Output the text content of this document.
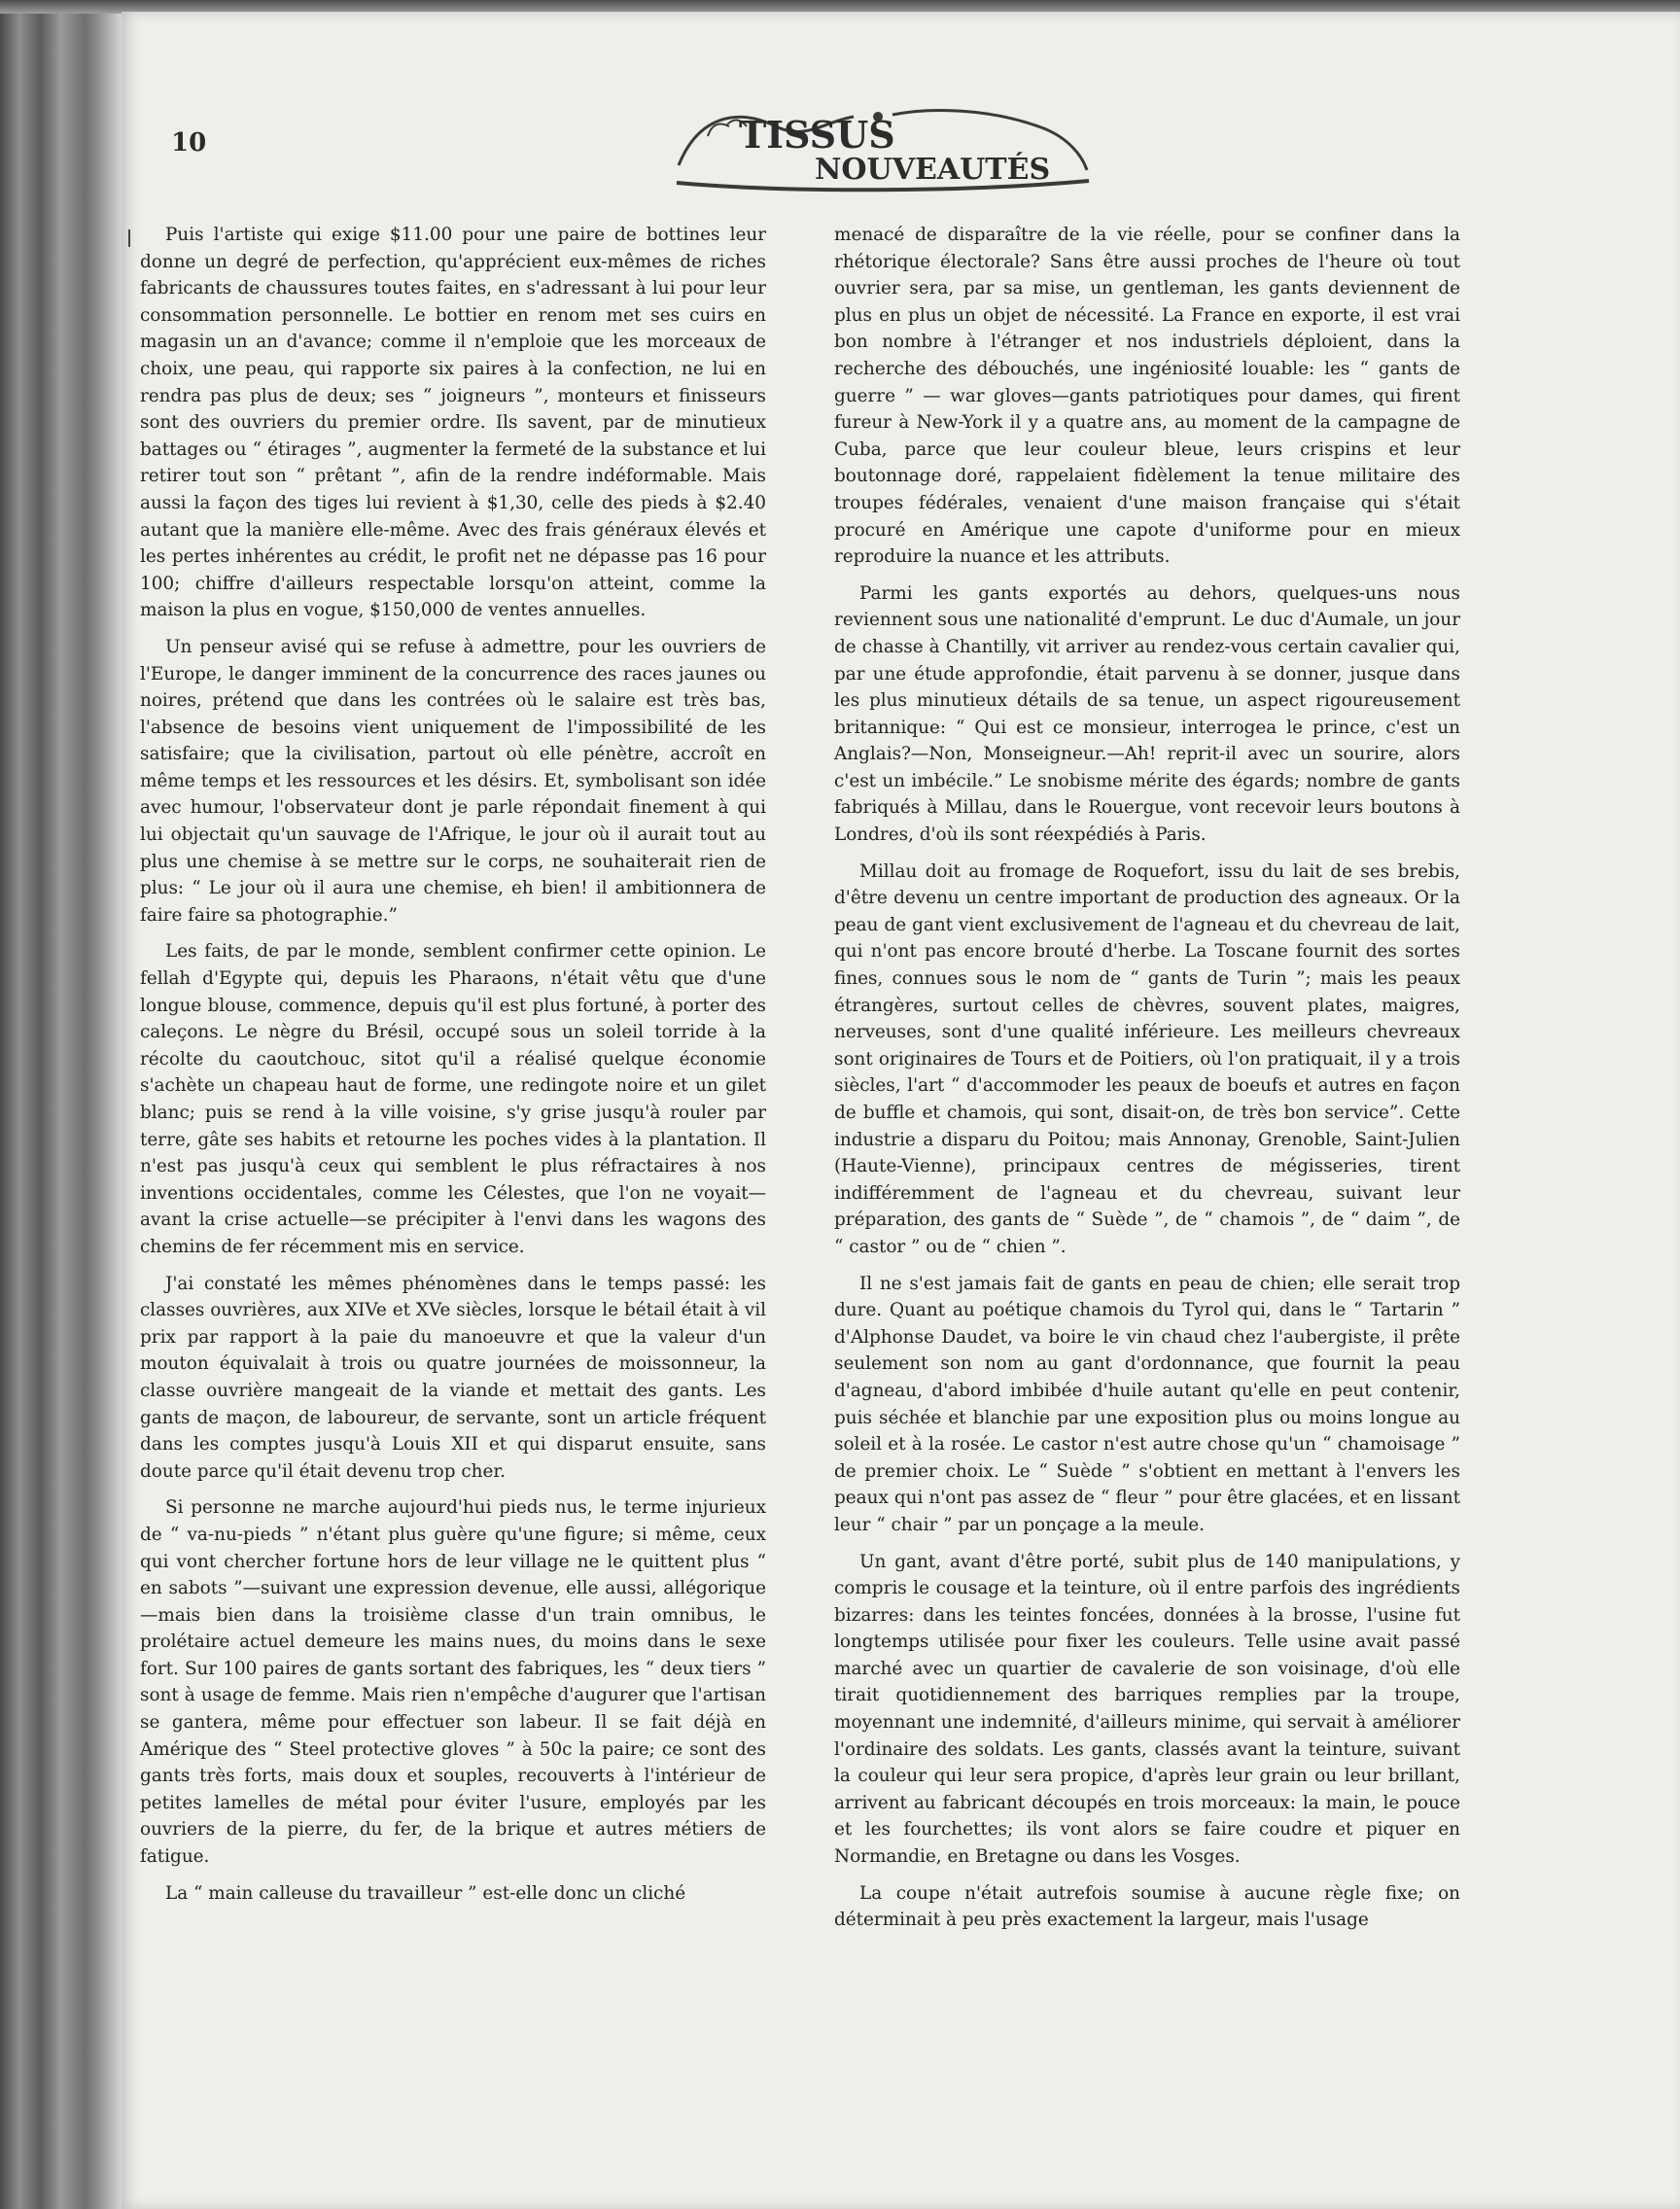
10	TISSUS
NOUVEAUTÉS

Puis l'artiste qui exige $11.00 pour une paire de bottines leur donne un degré de perfection, qu'apprécient eux-mêmes de riches fabricants de chaussures toutes faites, en s'adressant à lui pour leur consommation personnelle. Le bottier en renom met ses cuirs en magasin un an d'avance; comme il n'emploie que les morceaux de choix, une peau, qui rapporte six paires à la confection, ne lui en rendra pas plus de deux; ses “ joigneurs ”, monteurs et finisseurs sont des ouvriers du premier ordre. Ils savent, par de minutieux battages ou “ étirages ”, augmenter la fermeté de la substance et lui retirer tout son “ prêtant ”, afin de la rendre indéformable. Mais aussi la façon des tiges lui revient à $1,30, celle des pieds à $2.40 autant que la manière elle-même. Avec des frais généraux élevés et les pertes inhérentes au crédit, le profit net ne dépasse pas 16 pour 100; chiffre d'ailleurs respectable lorsqu'on atteint, comme la maison la plus en vogue, $150,000 de ventes annuelles.

Un penseur avisé qui se refuse à admettre, pour les ouvriers de l'Europe, le danger imminent de la concurrence des races jaunes ou noires, prétend que dans les contrées où le salaire est très bas, l'absence de besoins vient uniquement de l'impossibilité de les satisfaire; que la civilisation, partout où elle pénètre, accroît en même temps et les ressources et les désirs. Et, symbolisant son idée avec humour, l'observateur dont je parle répondait finement à qui lui objectait qu'un sauvage de l'Afrique, le jour où il aurait tout au plus une chemise à se mettre sur le corps, ne souhaiterait rien de plus: “ Le jour où il aura une chemise, eh bien! il ambitionnera de faire faire sa photographie.”

Les faits, de par le monde, semblent confirmer cette opinion. Le fellah d'Egypte qui, depuis les Pharaons, n'était vêtu que d'une longue blouse, commence, depuis qu'il est plus fortuné, à porter des caleçons. Le nègre du Brésil, occupé sous un soleil torride à la récolte du caoutchouc, sitot qu'il a réalisé quelque économie s'achète un chapeau haut de forme, une redingote noire et un gilet blanc; puis se rend à la ville voisine, s'y grise jusqu'à rouler par terre, gâte ses habits et retourne les poches vides à la plantation. Il n'est pas jusqu'à ceux qui semblent le plus réfractaires à nos inventions occidentales, comme les Célestes, que l'on ne voyait—avant la crise actuelle—se précipiter à l'envi dans les wagons des chemins de fer récemment mis en service.

J'ai constaté les mêmes phénomènes dans le temps passé: les classes ouvrières, aux XIVe et XVe siècles, lorsque le bétail était à vil prix par rapport à la paie du manoeuvre et que la valeur d'un mouton équivalait à trois ou quatre journées de moissonneur, la classe ouvrière mangeait de la viande et mettait des gants. Les gants de maçon, de laboureur, de servante, sont un article fréquent dans les comptes jusqu'à Louis XII et qui disparut ensuite, sans doute parce qu'il était devenu trop cher.

Si personne ne marche aujourd'hui pieds nus, le terme injurieux de “ va-nu-pieds ” n'étant plus guère qu'une figure; si même, ceux qui vont chercher fortune hors de leur village ne le quittent plus “ en sabots ”—suivant une expression devenue, elle aussi, allégorique—mais bien dans la troisième classe d'un train omnibus, le prolétaire actuel demeure les mains nues, du moins dans le sexe fort. Sur 100 paires de gants sortant des fabriques, les “ deux tiers ” sont à usage de femme. Mais rien n'empêche d'augurer que l'artisan se gantera, même pour effectuer son labeur. Il se fait déjà en Amérique des “ Steel protective gloves ” à 50c la paire; ce sont des gants très forts, mais doux et souples, recouverts à l'intérieur de petites lamelles de métal pour éviter l'usure, employés par les ouvriers de la pierre, du fer, de la brique et autres métiers de fatigue.

La “ main calleuse du travailleur ” est-elle donc un cliché

menacé de disparaître de la vie réelle, pour se confiner dans la rhétorique électorale? Sans être aussi proches de l'heure où tout ouvrier sera, par sa mise, un gentleman, les gants deviennent de plus en plus un objet de nécessité. La France en exporte, il est vrai bon nombre à l'étranger et nos industriels déploient, dans la recherche des débouchés, une ingéniosité louable: les “ gants de guerre ” — war gloves—gants patriotiques pour dames, qui firent fureur à New-York il y a quatre ans, au moment de la campagne de Cuba, parce que leur couleur bleue, leurs crispins et leur boutonnage doré, rappelaient fidèlement la tenue militaire des troupes fédérales, venaient d'une maison française qui s'était procuré en Amérique une capote d'uniforme pour en mieux reproduire la nuance et les attributs.

Parmi les gants exportés au dehors, quelques-uns nous reviennent sous une nationalité d'emprunt. Le duc d'Aumale, un jour de chasse à Chantilly, vit arriver au rendez-vous certain cavalier qui, par une étude approfondie, était parvenu à se donner, jusque dans les plus minutieux détails de sa tenue, un aspect rigoureusement britannique: “ Qui est ce monsieur, interrogea le prince, c'est un Anglais?—Non, Monseigneur.—Ah! reprit-il avec un sourire, alors c'est un imbécile.” Le snobisme mérite des égards; nombre de gants fabriqués à Millau, dans le Rouergue, vont recevoir leurs boutons à Londres, d'où ils sont réexpédiés à Paris.

Millau doit au fromage de Roquefort, issu du lait de ses brebis, d'être devenu un centre important de production des agneaux. Or la peau de gant vient exclusivement de l'agneau et du chevreau de lait, qui n'ont pas encore brouté d'herbe. La Toscane fournit des sortes fines, connues sous le nom de “ gants de Turin ”; mais les peaux étrangères, surtout celles de chèvres, souvent plates, maigres, nerveuses, sont d'une qualité inférieure. Les meilleurs chevreaux sont originaires de Tours et de Poitiers, où l'on pratiquait, il y a trois siècles, l'art “ d'accommoder les peaux de boeufs et autres en façon de buffle et chamois, qui sont, disait-on, de très bon service”. Cette industrie a disparu du Poitou; mais Annonay, Grenoble, Saint-Julien (Haute-Vienne), principaux centres de mégisseries, tirent indifféremment de l'agneau et du chevreau, suivant leur préparation, des gants de “ Suède ”, de “ chamois ”, de “ daim ”, de “ castor ” ou de “ chien ”.

Il ne s'est jamais fait de gants en peau de chien; elle serait trop dure. Quant au poétique chamois du Tyrol qui, dans le “ Tartarin ” d'Alphonse Daudet, va boire le vin chaud chez l'aubergiste, il prête seulement son nom au gant d'ordonnance, que fournit la peau d'agneau, d'abord imbibée d'huile autant qu'elle en peut contenir, puis séchée et blanchie par une exposition plus ou moins longue au soleil et à la rosée. Le castor n'est autre chose qu'un “ chamoisage ” de premier choix. Le “ Suède ” s'obtient en mettant à l'envers les peaux qui n'ont pas assez de “ fleur ” pour être glacées, et en lissant leur “ chair ” par un ponçage a la meule.

Un gant, avant d'être porté, subit plus de 140 manipulations, y compris le cousage et la teinture, où il entre parfois des ingrédients bizarres: dans les teintes foncées, données à la brosse, l'usine fut longtemps utilisée pour fixer les couleurs. Telle usine avait passé marché avec un quartier de cavalerie de son voisinage, d'où elle tirait quotidiennement des barriques remplies par la troupe, moyennant une indemnité, d'ailleurs minime, qui servait à améliorer l'ordinaire des soldats. Les gants, classés avant la teinture, suivant la couleur qui leur sera propice, d'après leur grain ou leur brillant, arrivent au fabricant découpés en trois morceaux: la main, le pouce et les fourchettes; ils vont alors se faire coudre et piquer en Normandie, en Bretagne ou dans les Vosges.

La coupe n'était autrefois soumise à aucune règle fixe; on déterminait à peu près exactement la largeur, mais l'usage
